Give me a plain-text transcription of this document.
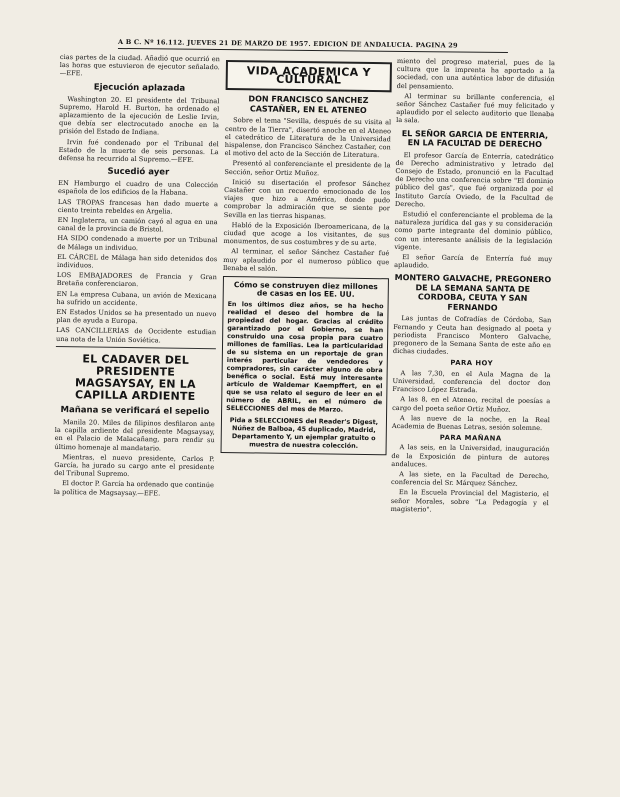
A B C. Nº 16.112. JUEVES 21 DE MARZO DE 1957. EDICION DE ANDALUCIA. PAGINA 29

cias partes de la ciudad. Añadió que ocurrió en las horas que estuvieron de ejecutor señalado.—EFE.

Ejecución aplazada

Washington 20. El presidente del Tribunal Supremo, Harold H. Burton, ha ordenado el aplazamiento de la ejecución de Leslie Irvin, que debía ser electrocutado anoche en la prisión del Estado de Indiana.

Irvin fué condenado por el Tribunal del Estado de la muerte de seis personas. La defensa ha recurrido al Supremo.—EFE.

Sucedió ayer

EN Hamburgo el cuadro de una Colección española de los edificios de la Habana.

LAS TROPAS francesas han dado muerte a ciento treinta rebeldes en Argelia.

EN Inglaterra, un camión cayó al agua en una canal de la provincia de Bristol.

HA SIDO condenado a muerte por un Tribunal de Málaga un individuo.

EL CÁRCEL de Málaga han sido detenidos dos individuos.

LOS EMBAJADORES de Francia y Gran Bretaña conferenciaron.

EN La empresa Cubana, un avión de Mexicana ha sufrido un accidente.

EN Estados Unidos se ha presentado un nuevo plan de ayuda a Europa.

LAS CANCILLERÍAS de Occidente estudian una nota de la Unión Soviética.

EL CADAVER DEL PRESIDENTE MAGSAYSAY, EN LA CAPILLA ARDIENTE
Mañana se verificará el sepelio

Manila 20. Miles de filipinos desfilaron ante la capilla ardiente del presidente Magsaysay, en el Palacio de Malacañang, para rendir su último homenaje al mandatario.

Mientras, el nuevo presidente, Carlos P. García, ha jurado su cargo ante el presidente del Tribunal Supremo.

El doctor P. García ha ordenado que continúe la política de Magsaysay.—EFE.

VIDA ACADEMICA Y CULTURAL
DON FRANCISCO SANCHEZ CASTAÑER, EN EL ATENEO

Sobre el tema "Sevilla, después de su visita al centro de la Tierra", disertó anoche en el Ateneo el catedrático de Literatura de la Universidad hispalense, don Francisco Sánchez Castañer, con el motivo del acto de la Sección de Literatura.

Presentó al conferenciante el presidente de la Sección, señor Ortiz Muñoz.

Inició su disertación el profesor Sánchez Castañer con un recuerdo emocionado de los viajes que hizo a América, donde pudo comprobar la admiración que se siente por Sevilla en las tierras hispanas.

Habló de la Exposición Iberoamericana, de la ciudad que acoge a los visitantes, de sus monumentos, de sus costumbres y de su arte.

Al terminar, el señor Sánchez Castañer fué muy aplaudido por el numeroso público que llenaba el salón.

Cómo se construyen diez millones de casas en los EE. UU.
En los últimos diez años, se ha hecho realidad el deseo del hombre de la propiedad del hogar. Gracias al crédito garantizado por el Gobierno, se han construido una cosa propia para cuatro millones de familias. Lea la particularidad de su sistema en un reportaje de gran interés particular de vendedores y compradores, sin carácter alguno de obra benéfica o social. Está muy interesante artículo de Waldemar Kaempffert, en el que se usa relato el seguro de leer en el número de ABRIL, en el número de SELECCIONES del mes de Marzo.
Pida a SELECCIONES del Reader's Digest, Núñez de Balboa, 45 duplicado, Madrid, Departamento Y, un ejemplar gratuito o muestra de nuestra colección.

miento del progreso material, pues de la cultura que la imprenta ha aportado a la sociedad, con una auténtica labor de difusión del pensamiento.

Al terminar su brillante conferencia, el señor Sánchez Castañer fué muy felicitado y aplaudido por el selecto auditorio que llenaba la sala.

EL SEÑOR GARCIA DE ENTERRIA, EN LA FACULTAD DE DERECHO

El profesor García de Enterría, catedrático de Derecho administrativo y letrado del Consejo de Estado, pronunció en la Facultad de Derecho una conferencia sobre "El dominio público del gas", que fué organizada por el Instituto García Oviedo, de la Facultad de Derecho.

Estudió el conferenciante el problema de la naturaleza jurídica del gas y su consideración como parte integrante del dominio público, con un interesante análisis de la legislación vigente.

El señor García de Enterría fué muy aplaudido.

MONTERO GALVACHE, PREGONERO DE LA SEMANA SANTA DE CORDOBA, CEUTA Y SAN FERNANDO

Las juntas de Cofradías de Córdoba, San Fernando y Ceuta han designado al poeta y periodista Francisco Montero Galvache, pregonero de la Semana Santa de este año en dichas ciudades.

PARA HOY

A las 7,30, en el Aula Magna de la Universidad, conferencia del doctor don Francisco López Estrada.

A las 8, en el Ateneo, recital de poesías a cargo del poeta señor Ortiz Muñoz.

A las nueve de la noche, en la Real Academia de Buenas Letras, sesión solemne.

PARA MAÑANA

A las seis, en la Universidad, inauguración de la Exposición de pintura de autores andaluces.

A las siete, en la Facultad de Derecho, conferencia del Sr. Márquez Sánchez.

En la Escuela Provincial del Magisterio, el señor Morales, sobre "La Pedagogía y el magisterio".
